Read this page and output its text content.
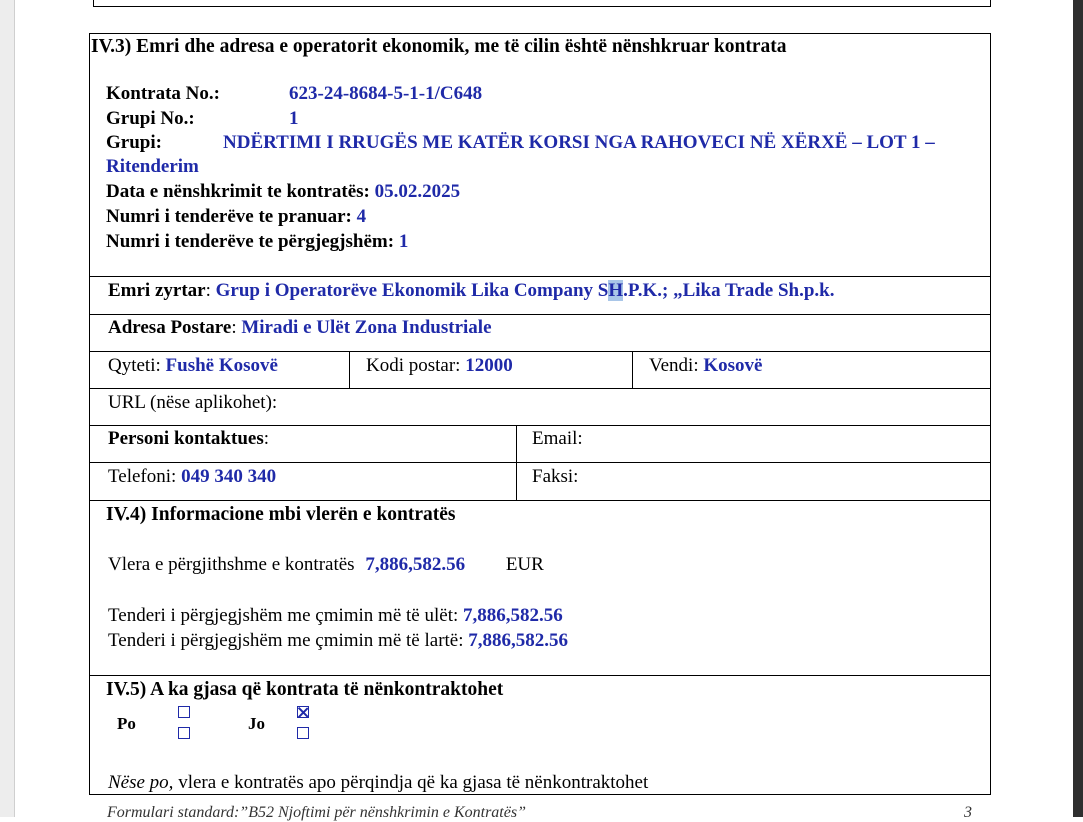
IV.3) Emri dhe adresa e operatorit ekonomik, me të cilin është nënshkruar kontrata
Kontrata No.:	623-24-8684-5-1-1/C648
Grupi No.:	1
Grupi:	NDËRTIMI I RRUGËS ME KATËR KORSI NGA RAHOVECI NË XËRXË – LOT 1 –
Ritenderim
Data e nënshkrimit te kontratës: 05.02.2025
Numri i tenderëve te pranuar: 4
Numri i tenderëve te përgjegjshëm: 1
Emri zyrtar: Grup i Operatorëve Ekonomik Lika Company SH.P.K.; „Lika Trade Sh.p.k.
Adresa Postare: Miradi e Ulët Zona Industriale
Qyteti: Fushë Kosovë	Kodi postar: 12000	Vendi: Kosovë
URL (nëse aplikohet):
Personi kontaktues:	Email:
Telefoni: 049 340 340	Faksi:
IV.4) Informacione mbi vlerën e kontratës
Vlera e përgjithshme e kontratës 7,886,582.56 EUR
Tenderi i përgjegjshëm me çmimin më të ulët: 7,886,582.56
Tenderi i përgjegjshëm me çmimin më të lartë: 7,886,582.56
IV.5) A ka gjasa që kontrata të nënkontraktohet
Po	Jo
Nëse po, vlera e kontratës apo përqindja që ka gjasa të nënkontraktohet
Formulari standard:”B52 Njoftimi për nënshkrimin e Kontratës”	3
